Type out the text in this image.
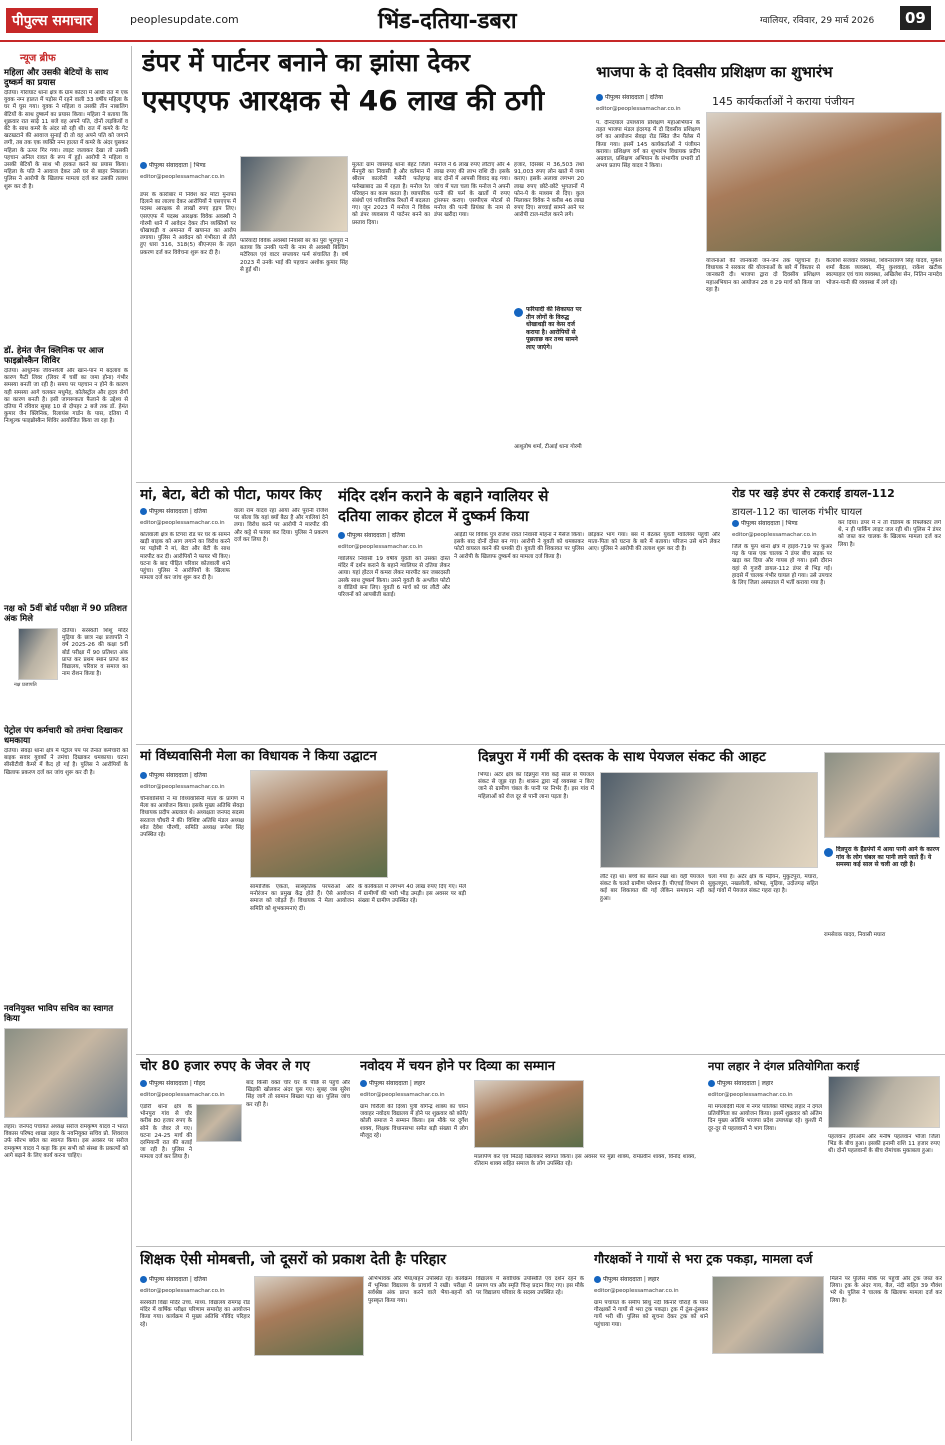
पीपुल्स समाचार	peoplesupdate.com	भिंड-दतिया-डबरा	ग्वालियर, रविवार, 29 मार्च 2026	09
न्यूज ब्रीफ
महिला और उसकी बेटियों के साथ दुष्कर्म का प्रयास
दतिया। गोराघाट थाना क्षेत्र के ग्राम कोटरा में आधी रात में एक युवक नग्न हालत में पड़ोस में रहने वाली 33 वर्षीय महिला के घर में घुस गया। युवक ने महिला व उसकी तीन नाबालिग बेटियों के साथ दुष्कर्म का प्रयास किया। महिला ने बताया कि शुक्रवार रात साढ़े 11 बजे वह अपने पति, दोनों लड़कियों व बेटे के साथ कमरे के अंदर सो रही थी। रात में कमरे के गेट खटखटाने की आवाज सुनाई दी तो वह अपने पति को जगाने लगी, तब तक एक व्यक्ति नग्न हालत में कमरे के अंदर घुसकर महिला के ऊपर गिर गया। लाइट जलाकर देखा तो उसकी पहचान अनिल रावत के रूप में हुई। आरोपी ने महिला व उसकी बेटियों के साथ भी हरकत करने का प्रयास किया। महिला के पति ने आवाज देकर उसे घर से बाहर निकाला। पुलिस ने आरोपी के खिलाफ मामला दर्ज कर उसकी तलाश शुरू कर दी है।
डॉ. हेमंत जैन क्लिनिक पर आज फाइब्रोस्कैन शिविर
दतिया। आधुनिक जीवनशैली और खान-पान में बदलाव के कारण फैटी लिवर (लिवर में चर्बी का जमा होना) गंभीर समस्या बनती जा रही है। समय पर पहचान न होने के कारण यही समस्या आगे चलकर मधुमेह, कोलेस्ट्रॉल और हृदय रोगों का कारण बनती है। इसी जागरूकता फैलाने के उद्देश्य से दतिया में रविवार सुबह 10 से दोपहर 2 बजे तक डॉ. हेमंत कुमार जैन क्लिनिक, रिलायंस गार्डन के पास, दतिया में निःशुल्क फाइब्रोस्कैन शिविर आयोजित किया जा रहा है।
नक्ष को 5वीं बोर्ड परीक्षा में 90 प्रतिशत अंक मिले
नक्ष प्रजापति
दतिया। सरस्वती शिशु मंदिर मुड़िया के छात्र नक्ष प्रजापति ने वर्ष 2025-26 की कक्षा 5वीं बोर्ड परीक्षा में 90 प्रतिशत अंक प्राप्त कर प्रथम स्थान प्राप्त कर विद्यालय, परिवार व समाज का नाम रोशन किया है।
पेट्रोल पंप कर्मचारी को तमंचा दिखाकर धमकाया
दतिया। सेवढ़ा थाना क्षेत्र में पेट्रोल पंप पर तैनात कर्मचारी को बाइक सवार युवकों ने तमंचा दिखाकर धमकाया। घटना सीसीटीवी कैमरे में कैद हो गई है। पुलिस ने आरोपियों के खिलाफ प्रकरण दर्ज कर जांच शुरू कर दी है।
नवनियुक्त भाविप सचिव का स्वागत किया
लहार। जनपद पंचायत अध्यक्ष सरोज रामकृष्ण यादव ने भारत विकास परिषद शाखा लहार के नवनियुक्त सचिव प्रो. शिवराज उर्फ सौरभ बघेल का स्वागत किया। इस अवसर पर सरोज रामकृष्ण यादव ने कहा कि हम सभी को संस्था के प्रकल्पों को आगे बढ़ाने के लिए कार्य करना चाहिए।
डंपर में पार्टनर बनाने का झांसा देकर
एसएएफ आरक्षक से 46 लाख की ठगी
पीपुल्स संवाददाता | भिण्ड
editor@peoplessamachar.co.in
डंपर के कारोबार में निवेश कर मोटा मुनाफा दिलाने का लालच देकर आरोपियों ने एसएएफ में पदस्थ आरक्षक से लाखों रुपए हड़प लिए। एसएएफ में पदस्थ आरक्षक विवेक अवस्थी ने गोरमी थाने में आवेदन देकर तीन व्यक्तियों पर धोखाधड़ी व अमानत में खयानत का आरोप लगाया। पुलिस ने आवेदन को गंभीरता से लेते हुए धारा 316, 318(5) बीएनएस के तहत प्रकरण दर्ज कर विवेचना शुरू कर दी है।
फरियादी विवेक अवस्थी निवासी बर का पुरा भूरापुरा ने बताया कि उनकी पत्नी के नाम से अवस्थी बिल्डिंग मटेरियल एवं वाटर सप्लायर फर्म संचालित है। वर्ष 2023 में उनके भाई की पहचान अशोक कुमार सिंह से हुई थी।
मूलतः ग्राम जासगढ़ थाना बेहट जिला मैनपुरी का निवासी है और वर्तमान में श्रीराम कालोनी मसैनी फतेहगढ़ फर्रुखाबाद उप्र में रहता है। मनोज रेत परिवहन का काम करता है। व्यापारिक संबंधों एवं पारिवारिक रिश्तों में बदलता गए। जून 2023 में मनोज ने विवेक को डंपर व्यवसाय में पार्टनर बनने का प्रस्ताव दिया।
मनोज ने 6 लाख रुपए लौटाए और 4 लाख रुपए की लाभ राशि दी। इसके बाद दोनों में आपसी विवाद बढ़ गया। जांच में पता चला कि मनोज ने अपनी पत्नी की फर्म के खातों में रुपए ट्रांसफर कराए। एसपीएस मोटर्स से मनोज की पत्नी प्रियंका के नाम से डंपर खरीदा गया।
हजार, दिसंबर में 36,503 तथा 91,003 रुपए लोन खाते में जमा कराए। इसके अलावा लगभग 20 लाख रुपए छोटे-छोटे भुगतानों में फोन-पे के माध्यम से दिए। कुल मिलाकर विवेक ने करीब 46 लाख रुपए दिए। सच्चाई सामने आने पर आरोपी टाल-मटोल करने लगे।
फरियादी की शिकायत पर तीन लोगों के विरुद्ध धोखाधड़ी का केस दर्ज कराया है। आरोपियों से पूछताछ कर तथ्य सामने लाए जाएंगे।
आशुतोष शर्मा, टीआई थाना गोरमी
भाजपा के दो दिवसीय प्रशिक्षण का शुभारंभ
145 कार्यकर्ताओं ने कराया पंजीयन
पीपुल्स संवाददाता | दतिया
editor@peoplessamachar.co.in
पं. दीनदयाल उपाध्याय प्रशिक्षण महाअभियान के तहत भाजपा मंडल इंदरगढ़ में दो दिवसीय प्रशिक्षण वर्ग का आयोजन सेवढ़ा रोड स्थित जैन पैलेस में किया गया। इसमें 145 कार्यकर्ताओं ने पंजीयन कराया। प्रशिक्षण वर्ग का शुभारंभ विधायक प्रदीप अग्रवाल, प्रशिक्षण अभियान के संभागीय प्रभारी डॉ अभय प्रताप सिंह यादव ने किया।
योजनाओं की जानकारी जन-जन तक पहुंचाना है। विधायक ने सरकार की योजनाओं के बारे में विस्तार से जानकारी दी। भाजपा द्वारा दो दिवसीय प्रशिक्षण महाअभियान का आयोजन 28 व 29 मार्च को किया जा रहा है।
कैलाशि सजवार व्यवस्था, शिवनारायण सिंह यादव, मुकेश शर्मा बैठक व्यवस्था, मीनू कुशवाहा, राकेश खटीक स्वल्पाहार एवं चाय व्यवस्था, अखिलेश सेन, नितिन नामदेव भोजन-पानी की व्यवस्था में लगे रहे।
मां, बेटा, बेटी को पीटा, फायर किए
पीपुल्स संवाददाता | दतिया
editor@peoplessamachar.co.in
कोतवाली क्षेत्र के टिगरा रोड पर घर के सामने खड़ी बाइक को आग लगाने का विरोध करने पर पड़ोसी ने मां, बेटा और बेटी के साथ मारपीट कर दी। आरोपियों ने फायर भी किए। घटना के बाद पीड़ित परिवार कोतवाली थाने पहुंचा। पुलिस ने आरोपियों के खिलाफ मामला दर्ज कर जांच शुरू कर दी है।
वाला राम यादव रहां आया और पुरानी रंजिश पर बोला कि यहां क्यों बैठा है और गालियां देने लगा। विरोध करने पर आरोपी ने मारपीट की और कट्टे से फायर कर दिया। पुलिस ने प्रकरण दर्ज कर लिया है।
मंदिर दर्शन कराने के बहाने ग्वालियर से
दतिया लाकर होटल में दुष्कर्म किया
पीपुल्स संवाददाता | दतिया
editor@peoplessamachar.co.in
ग्वालियर निवासी 19 वर्षीय युवती को उसका दोस्त मंदिर में दर्शन कराने के बहाने ग्वालियर से दतिया लेकर आया। यहां होटल में कमरा लेकर मारपीट कर जबरदस्ती उसके साथ दुष्कर्म किया। उसने युवती के अश्लील फोटो व वीडियो बना लिए। युवती 6 मार्च को घर लौटी और परिजनों को आपबीती बताई।
आईडी पर विवेक पुत्र राजेश रावत निवासी मोहना ने मैसेज किया। इसके बाद दोनों दोस्त बन गए। आरोपी ने युवती को धमकाकर फोटो वायरल करने की धमकी दी। युवती की शिकायत पर पुलिस ने आरोपी के खिलाफ दुष्कर्म का मामला दर्ज किया है।
छोड़कर भाग गया। बस में बैठकर युवती ग्वालियर पहुंची और माता-पिता को घटना के बारे में बताया। परिजन उसे थाने लेकर आए। पुलिस ने आरोपी की तलाश शुरू कर दी है।
रोड पर खड़े डंपर से टकराई डायल-112
डायल-112 का चालक गंभीर घायल
पीपुल्स संवाददाता | भिण्ड
editor@peoplessamachar.co.in
जिले के फूप थाना क्षेत्र में हाइवे-719 पर कुंअर गढ़ के पास एक चालक ने डंपर बीच सड़क पर खड़ा कर दिया और गायब हो गया। इसी दौरान वहां से गुजरी डायल-112 डंपर से भिड़ गई। हादसे में चालक गंभीर घायल हो गया। उसे उपचार के लिए जिला अस्पताल में भर्ती कराया गया है।
कर दिया। डंपर में न तो रेडियम के रिफ्लेक्टर लगे थे, न ही पार्किंग लाइट जल रही थी। पुलिस ने डंपर को जब्त कर चालक के खिलाफ मामला दर्ज कर लिया है।
मां विंध्यवासिनी मेला का विधायक ने किया उद्घाटन
पीपुल्स संवाददाता | दतिया
editor@peoplessamachar.co.in
चौनावासियों ने मां विंध्यवासिनी माता के प्रांगण में मेला का आयोजन किया। इसके मुख्य अतिथि सेवढ़ा विधायक प्रदीप अग्रवाल थे। अध्यक्षता जनपद सदस्य सरताज चौधरी ने की। विशिष्ट अतिथि मंडल अध्यक्ष श्वेत देवेश पौरणी, समिति अध्यक्ष रूपेश सिंह उपस्थित रहे।
सामाजिक एकता, सांस्कृतिक परंपराओं और मनोरंजन का प्रमुख केंद्र होते हैं। ऐसे आयोजन समाज को जोड़ते हैं। विधायक ने मेला आयोजन समिति को शुभकामनाएं दीं।
के कार्यकाल में लगभग 40 लाख रुपए दिए गए। मेले में ग्रामीणों की भारी भीड़ उमड़ी। इस अवसर पर बड़ी संख्या में ग्रामीण उपस्थित रहे।
दिन्नपुरा में गर्मी की दस्तक के साथ पेयजल संकट की आहट
भिण्ड। अटेर क्षेत्र का दिन्नपुरा गांव कई साल से पेयजल संकट से जूझ रहा है। शासन द्वारा नई व्यवस्था न किए जाने से ग्रामीण चंबल के पानी पर निर्भर हैं। इस गांव में महिलाओं को रोज दूर से पानी लाना पड़ता है।
लौट रहा था। बच्चे का बेलन रखा था। वहीं पेयजल संकट के चलते ग्रामीण परेशान हैं। पीएचई विभाग से कई बार शिकायत की गई लेकिन समाधान नहीं हुआ।
चला गया है। अटेर क्षेत्र के मड़ैयन, मुकुटपुरा, मघारा, सुकुलपुरा, नखलोली, कोषड़, मुड़िया, उदोतगढ़ सहित कई गांवों में पेयजल संकट गहरा रहा है।
दिन्नपुरा के हैंडपंपों में आया पानी आने के कारण गांव के लोग चंबल का पानी लाने जाते हैं। ये समस्या कई साल से चली आ रही है।
रामसेवक यादव, निवासी मघारा
चोर 80 हजार रुपए के जेवर ले गए
पीपुल्स संवाददाता | गोहद
editor@peoplessamachar.co.in
एंडोरी थाना क्षेत्र के भोनपुरा गांव से चोर करीब 80 हजार रुपए के सोने के जेवर ले गए। घटना 24-25 मार्च की दरमियानी रात की बताई जा रही है। पुलिस ने मामला दर्ज कर लिया है।
बाद किसी वक्त चोर घर के पीछे से पहुंचे और खिड़की खोलकर अंदर घुस गए। सुबह जब सुरेश सिंह जागे तो सामान बिखरा पड़ा था। पुलिस जांच कर रही है।
नवोदय में चयन होने पर दिव्या का सम्मान
पीपुल्स संवाददाता | लहार
editor@peoplessamachar.co.in
ग्राम चिरौली की दिव्या पुत्री योगेन्द्र शाक्य का चयन जवाहर नवोदय विद्यालय में होने पर शुक्रवार को कोरी/कोली समाज ने सम्मान किया। इस मौके पर दूर्गेश शाक्य, शिक्षक विधानसभा समेत बड़ी संख्या में लोग मौजूद रहे।
मालार्पण कर एवं मिठाई खिलाकर स्वागत किया। इस अवसर पर मुन्ना शाक्य, रामप्रवीन शाक्य, विनोद शाक्य, रतिराम शाक्य सहित समाज के लोग उपस्थित रहे।
नपा लहार ने दंगल प्रतियोगिता कराई
पीपुल्स संवाददाता | लहार
editor@peoplessamachar.co.in
मां मंगलादेवी मेला में नगर पालिका परिषद लहार ने दंगल प्रतियोगिता का आयोजन किया। इसमें शुक्रवार को अंतिम दिन मुख्य अतिथि भाजपा प्रदेश उपाध्यक्ष रहे। कुश्ती में दूर-दूर से पहलवानों ने भाग लिया।
पहलवान हरिओम और मनीष पहलवान भौजा जिला भिंड के बीच हुआ। इसकी इनामी राशि 11 हजार रुपए थी। दोनों पहलवानों के बीच रोमांचक मुकाबला हुआ।
शिक्षक ऐसी मोमबत्ती, जो दूसरों को प्रकाश देती हैः परिहार
पीपुल्स संवाददाता | दतिया
editor@peoplessamachar.co.in
सरस्वती विद्या मंदिर उच्च. माध्य. विद्यालय रामगढ़ रोड मंदिर में वार्षिक परीक्षा परिणाम समारोह का आयोजन किया गया। कार्यक्रम में मुख्य अतिथि गोविंद परिहार रहे।
अभिभावक और भैया/बहन उपस्थित रहे। कार्यक्रम में भूमिका विद्यालय के प्राचार्य ने रखी। परीक्षा में सर्वश्रेष्ठ अंक प्राप्त करने वाले भैया-बहनों को पुरस्कृत किया गया।
विद्यालय में सर्वाधिक उपस्थिति एवं दर्शन रहने के प्रमाण पत्र और स्मृति चिन्ह प्रदान किए गए। इस मौके पर विद्यालय परिवार के सदस्य उपस्थित रहे।
गौरक्षकों ने गायों से भरा ट्रक पकड़ा, मामला दर्ज
पीपुल्स संवाददाता | लहार
editor@peoplessamachar.co.in
ग्राम पंचायत के समीप सिंधु नदी किनारे चौराहे के पास गौरक्षकों ने गायों से भरा ट्रक पकड़ा। ट्रक में ठूंस-ठूंसकर गायें भरी थीं। पुलिस को सूचना देकर ट्रक को थाने पहुंचाया गया।
मिलने पर पुलिस मौके पर पहुंची और ट्रक जब्त कर लिया। ट्रक के अंदर गाय, बैल, नंदी सहित 39 गौवंश भरे थे। पुलिस ने चालक के खिलाफ मामला दर्ज कर लिया है।
